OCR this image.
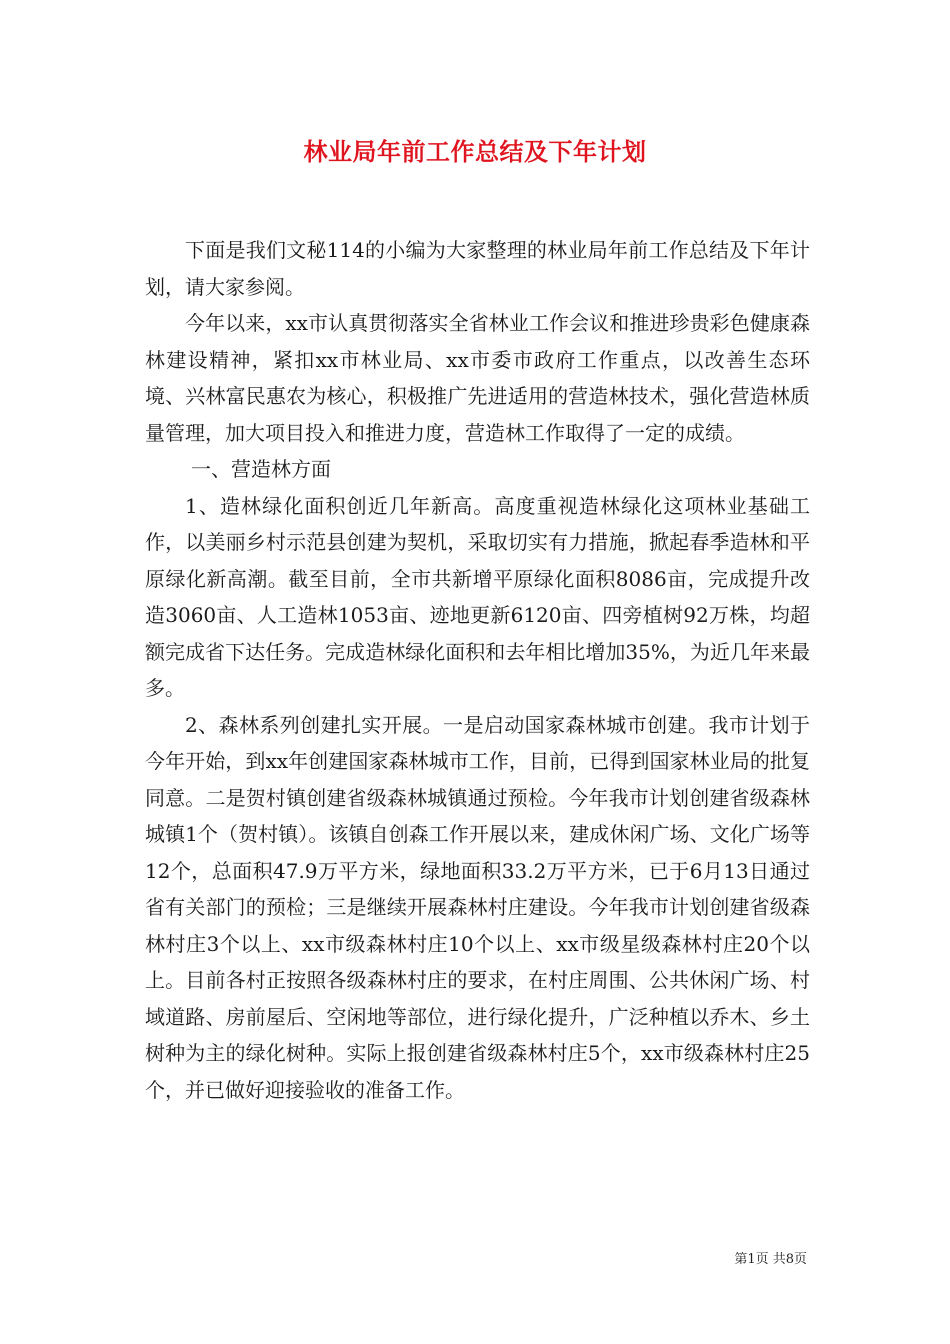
林业局年前工作总结及下年计划

下面是我们文秘114的小编为大家整理的林业局年前工作总结及下年计划，请大家参阅。

今年以来，xx市认真贯彻落实全省林业工作会议和推进珍贵彩色健康森林建设精神，紧扣xx市林业局、xx市委市政府工作重点，以改善生态环境、兴林富民惠农为核心，积极推广先进适用的营造林技术，强化营造林质量管理，加大项目投入和推进力度，营造林工作取得了一定的成绩。

一、营造林方面

1、造林绿化面积创近几年新高。高度重视造林绿化这项林业基础工作，以美丽乡村示范县创建为契机，采取切实有力措施，掀起春季造林和平原绿化新高潮。截至目前，全市共新增平原绿化面积8086亩，完成提升改造3060亩、人工造林1053亩、迹地更新6120亩、四旁植树92万株，均超额完成省下达任务。完成造林绿化面积和去年相比增加35%，为近几年来最多。

2、森林系列创建扎实开展。一是启动国家森林城市创建。我市计划于今年开始，到xx年创建国家森林城市工作，目前，已得到国家林业局的批复同意。二是贺村镇创建省级森林城镇通过预检。今年我市计划创建省级森林城镇1个（贺村镇）。该镇自创森工作开展以来，建成休闲广场、文化广场等12个，总面积47.9万平方米，绿地面积33.2万平方米，已于6月13日通过省有关部门的预检；三是继续开展森林村庄建设。今年我市计划创建省级森林村庄3个以上、xx市级森林村庄10个以上、xx市级星级森林村庄20个以上。目前各村正按照各级森林村庄的要求，在村庄周围、公共休闲广场、村域道路、房前屋后、空闲地等部位，进行绿化提升，广泛种植以乔木、乡土树种为主的绿化树种。实际上报创建省级森林村庄5个，xx市级森林村庄25个，并已做好迎接验收的准备工作。

第1页 共8页
